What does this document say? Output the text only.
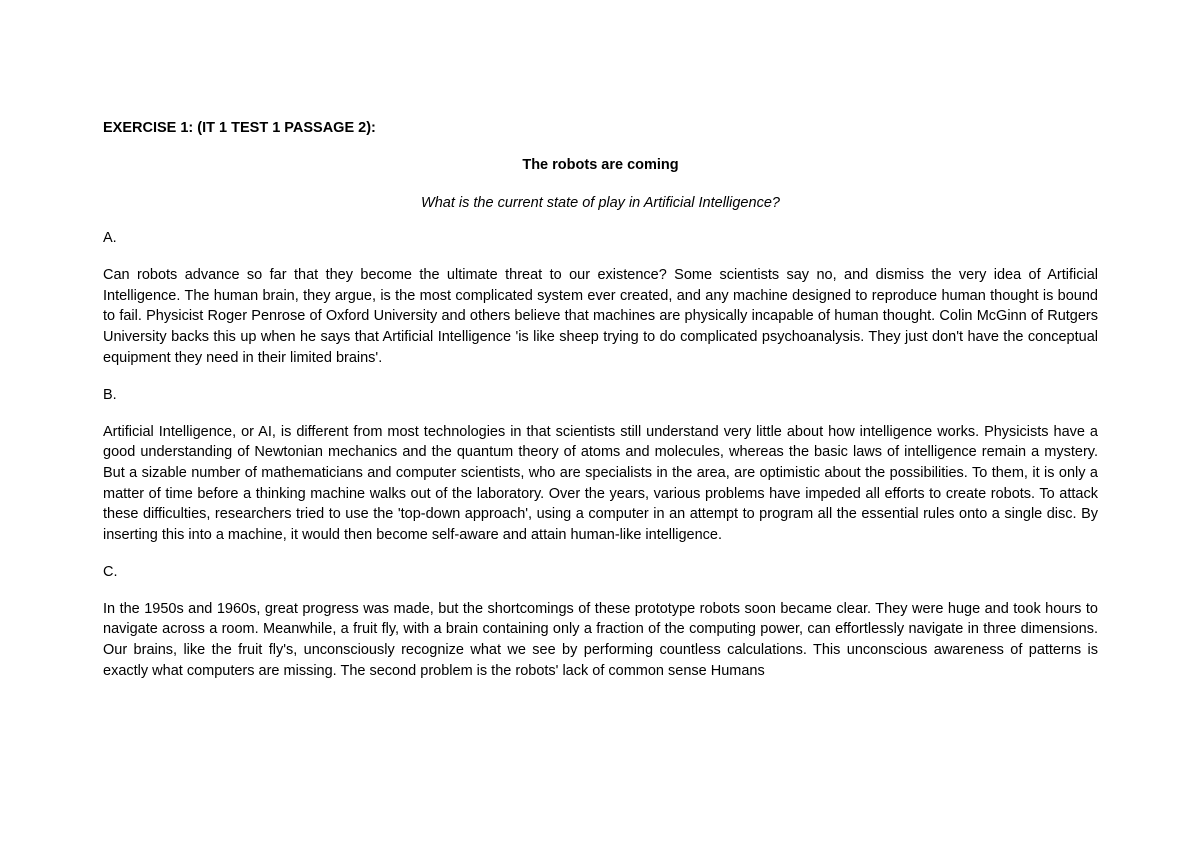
EXERCISE 1: (IT 1 TEST 1 PASSAGE 2):
The robots are coming
What is the current state of play in Artificial Intelligence?
A.
Can robots advance so far that they become the ultimate threat to our existence? Some scientists say no, and dismiss the very idea of Artificial Intelligence. The human brain, they argue, is the most complicated system ever created, and any machine designed to reproduce human thought is bound to fail. Physicist Roger Penrose of Oxford University and others believe that machines are physically incapable of human thought. Colin McGinn of Rutgers University backs this up when he says that Artificial Intelligence 'is like sheep trying to do complicated psychoanalysis. They just don't have the conceptual equipment they need in their limited brains'.
B.
Artificial Intelligence, or AI, is different from most technologies in that scientists still understand very little about how intelligence works. Physicists have a good understanding of Newtonian mechanics and the quantum theory of atoms and molecules, whereas the basic laws of intelligence remain a mystery. But a sizable number of mathematicians and computer scientists, who are specialists in the area, are optimistic about the possibilities. To them, it is only a matter of time before a thinking machine walks out of the laboratory. Over the years, various problems have impeded all efforts to create robots. To attack these difficulties, researchers tried to use the 'top-down approach', using a computer in an attempt to program all the essential rules onto a single disc. By inserting this into a machine, it would then become self-aware and attain human-like intelligence.
C.
In the 1950s and 1960s, great progress was made, but the shortcomings of these prototype robots soon became clear. They were huge and took hours to navigate across a room. Meanwhile, a fruit fly, with a brain containing only a fraction of the computing power, can effortlessly navigate in three dimensions. Our brains, like the fruit fly's, unconsciously recognize what we see by performing countless calculations. This unconscious awareness of patterns is exactly what computers are missing. The second problem is the robots' lack of common sense Humans
